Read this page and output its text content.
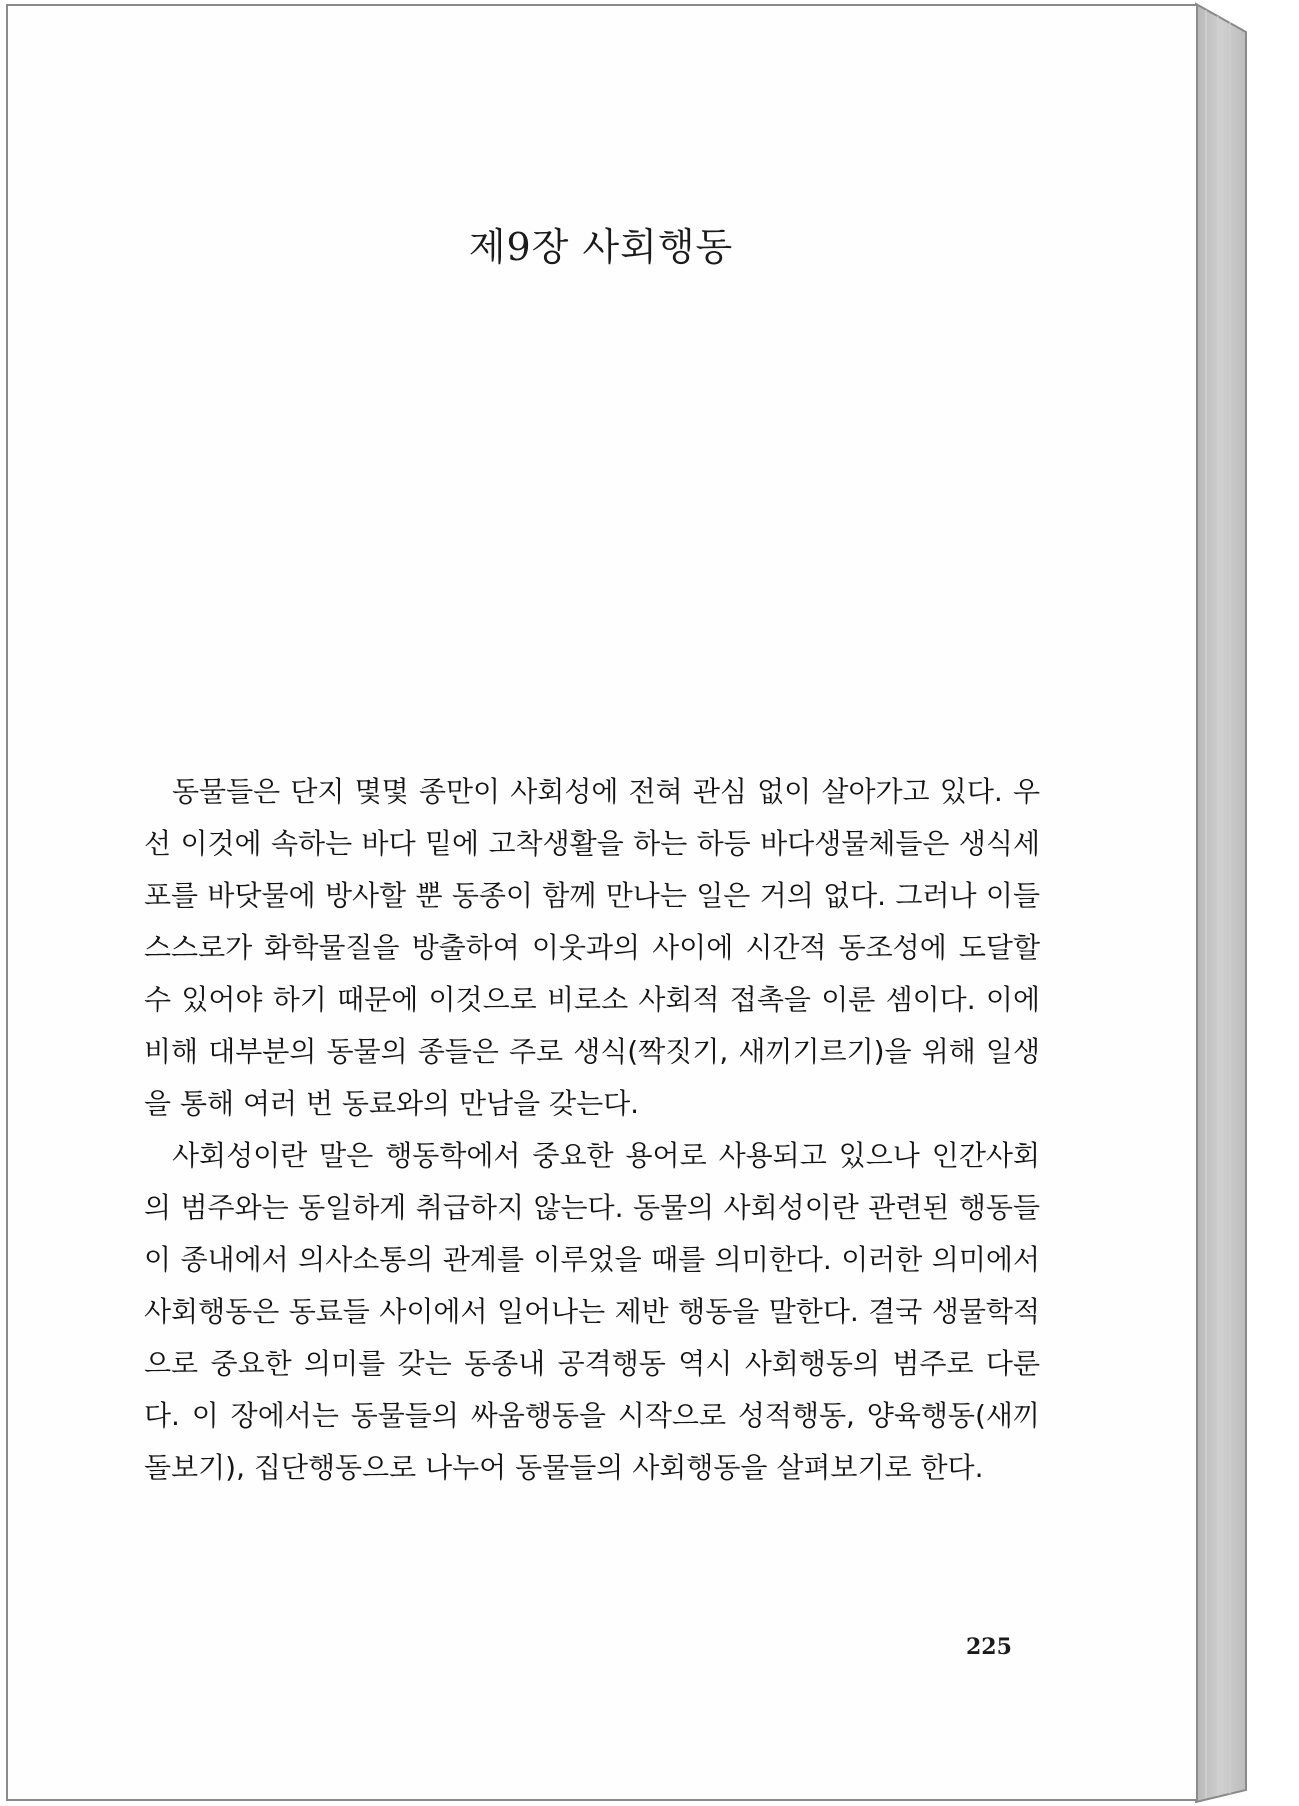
제9장 사회행동

동물들은 단지 몇몇 종만이 사회성에 전혀 관심 없이 살아가고 있다. 우선 이것에 속하는 바다 밑에 고착생활을 하는 하등 바다생물체들은 생식세포를 바닷물에 방사할 뿐 동종이 함께 만나는 일은 거의 없다. 그러나 이들 스스로가 화학물질을 방출하여 이웃과의 사이에 시간적 동조성에 도달할 수 있어야 하기 때문에 이것으로 비로소 사회적 접촉을 이룬 셈이다. 이에 비해 대부분의 동물의 종들은 주로 생식(짝짓기, 새끼기르기)을 위해 일생을 통해 여러 번 동료와의 만남을 갖는다.

사회성이란 말은 행동학에서 중요한 용어로 사용되고 있으나 인간사회의 범주와는 동일하게 취급하지 않는다. 동물의 사회성이란 관련된 행동들이 종내에서 의사소통의 관계를 이루었을 때를 의미한다. 이러한 의미에서 사회행동은 동료들 사이에서 일어나는 제반 행동을 말한다. 결국 생물학적으로 중요한 의미를 갖는 동종내 공격행동 역시 사회행동의 범주로 다룬다. 이 장에서는 동물들의 싸움행동을 시작으로 성적행동, 양육행동(새끼돌보기), 집단행동으로 나누어 동물들의 사회행동을 살펴보기로 한다.

225
